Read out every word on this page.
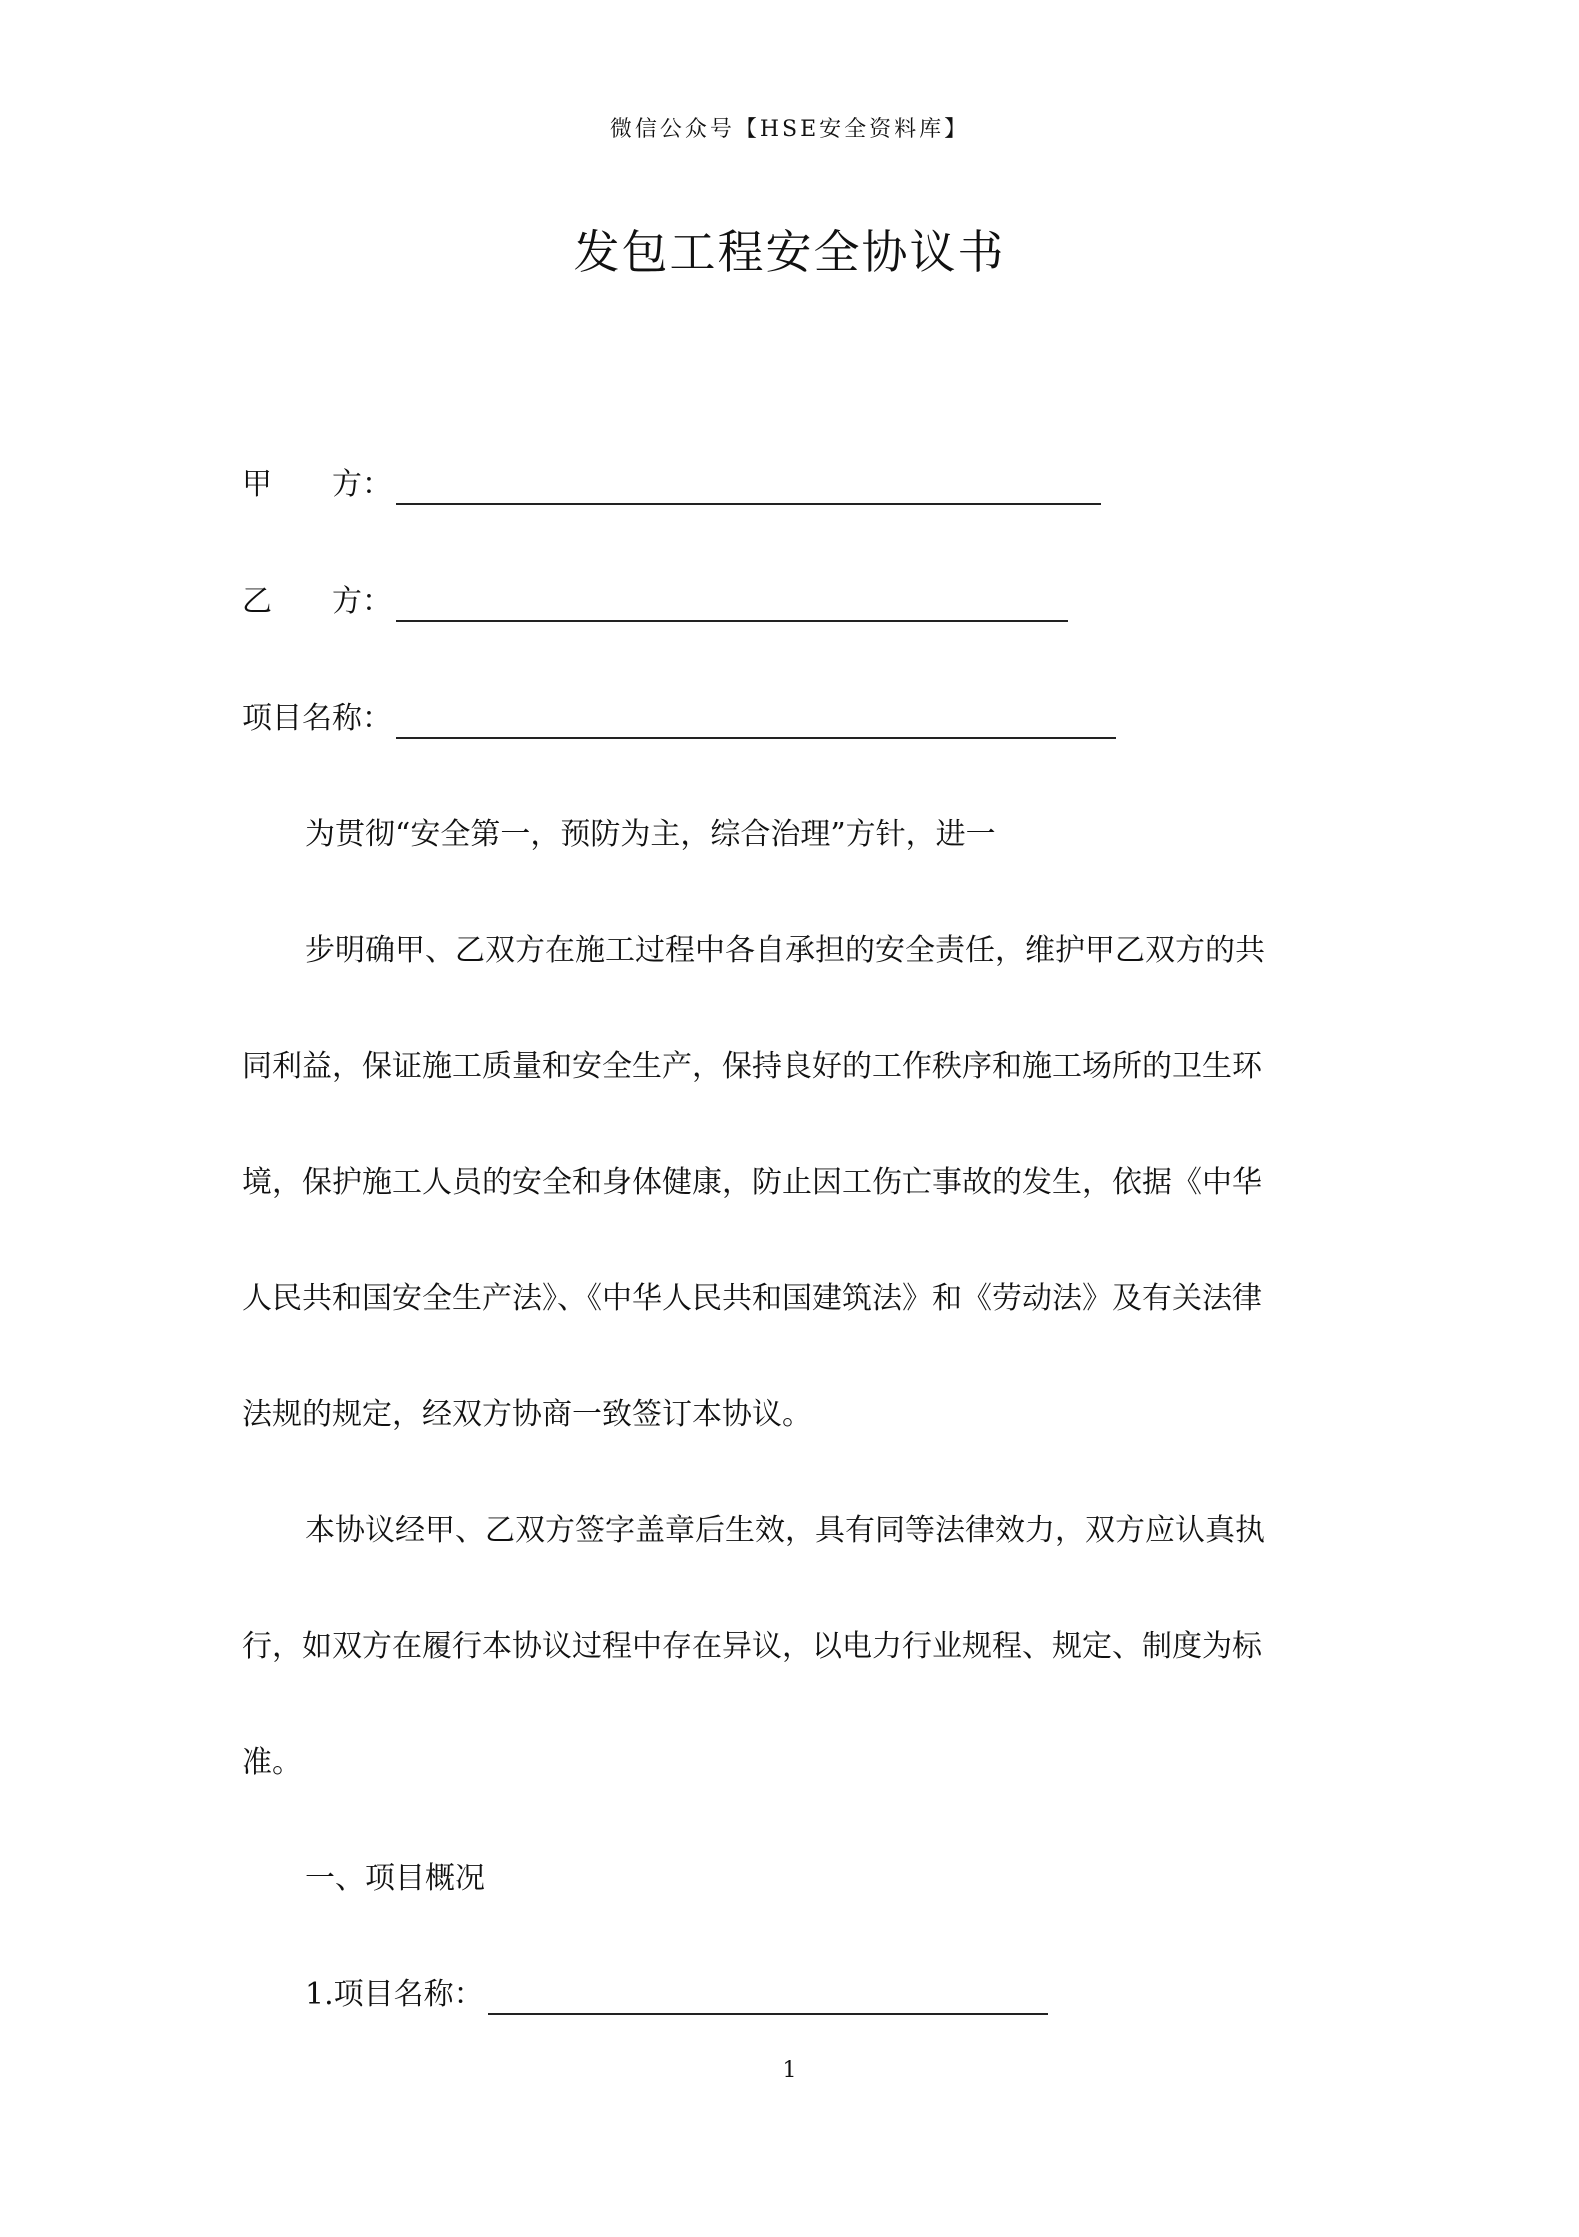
微信公众号【HSE安全资料库】
发包工程安全协议书
甲　　方：
乙　　方：
项目名称：
为贯彻“安全第一，预防为主，综合治理”方针，进一
步明确甲、乙双方在施工过程中各自承担的安全责任，维护甲乙双方的共
同利益，保证施工质量和安全生产，保持良好的工作秩序和施工场所的卫生环
境，保护施工人员的安全和身体健康，防止因工伤亡事故的发生，依据《中华
人民共和国安全生产法》、《中华人民共和国建筑法》和《劳动法》及有关法律
法规的规定，经双方协商一致签订本协议。
本协议经甲、乙双方签字盖章后生效，具有同等法律效力，双方应认真执
行，如双方在履行本协议过程中存在异议，以电力行业规程、规定、制度为标
准。
一、项目概况
1.项目名称：
1
